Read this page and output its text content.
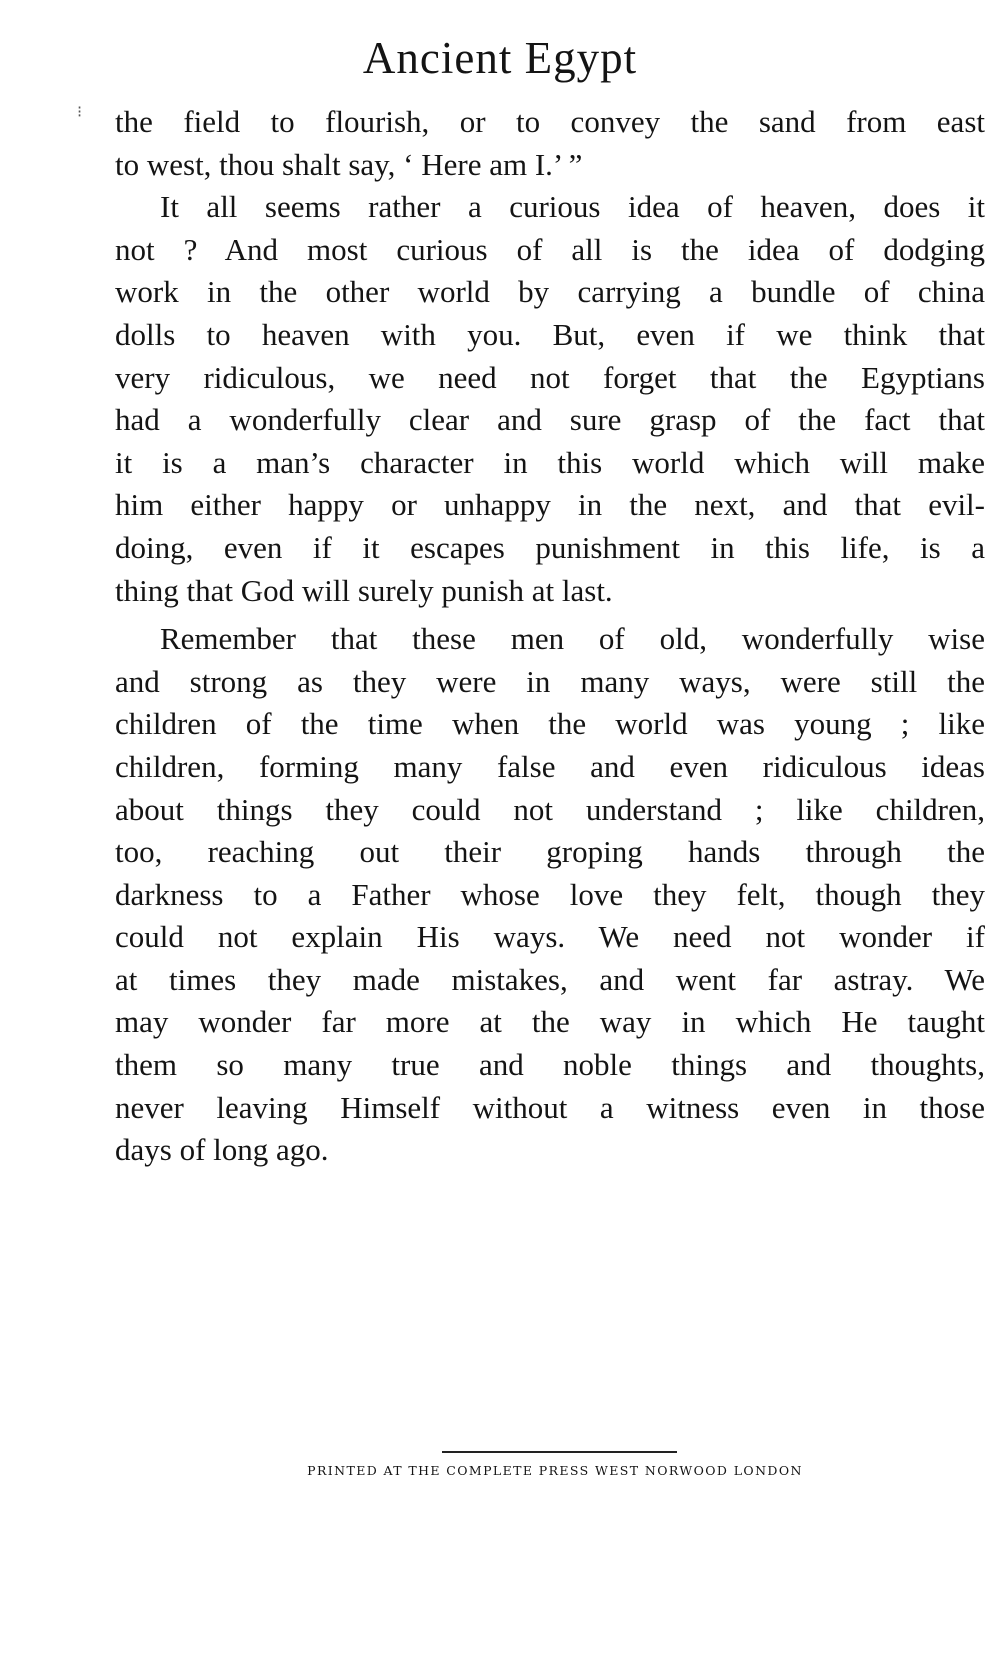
Ancient Egypt
⁝ the field to flourish, or to convey the sand from east
to west, thou shalt say, ‘ Here am I.’ ”
It all seems rather a curious idea of heaven, does it
not ? And most curious of all is the idea of dodging
work in the other world by carrying a bundle of china
dolls to heaven with you. But, even if we think that
very ridiculous, we need not forget that the Egyptians
had a wonderfully clear and sure grasp of the fact that
it is a man’s character in this world which will make
him either happy or unhappy in the next, and that evil-
doing, even if it escapes punishment in this life, is a
thing that God will surely punish at last.
Remember that these men of old, wonderfully wise
and strong as they were in many ways, were still the
children of the time when the world was young ; like
children, forming many false and even ridiculous ideas
about things they could not understand ; like children,
too, reaching out their groping hands through the
darkness to a Father whose love they felt, though they
could not explain His ways. We need not wonder if
at times they made mistakes, and went far astray. We
may wonder far more at the way in which He taught
them so many true and noble things and thoughts,
never leaving Himself without a witness even in those
days of long ago.
PRINTED AT THE COMPLETE PRESS WEST NORWOOD LONDON
